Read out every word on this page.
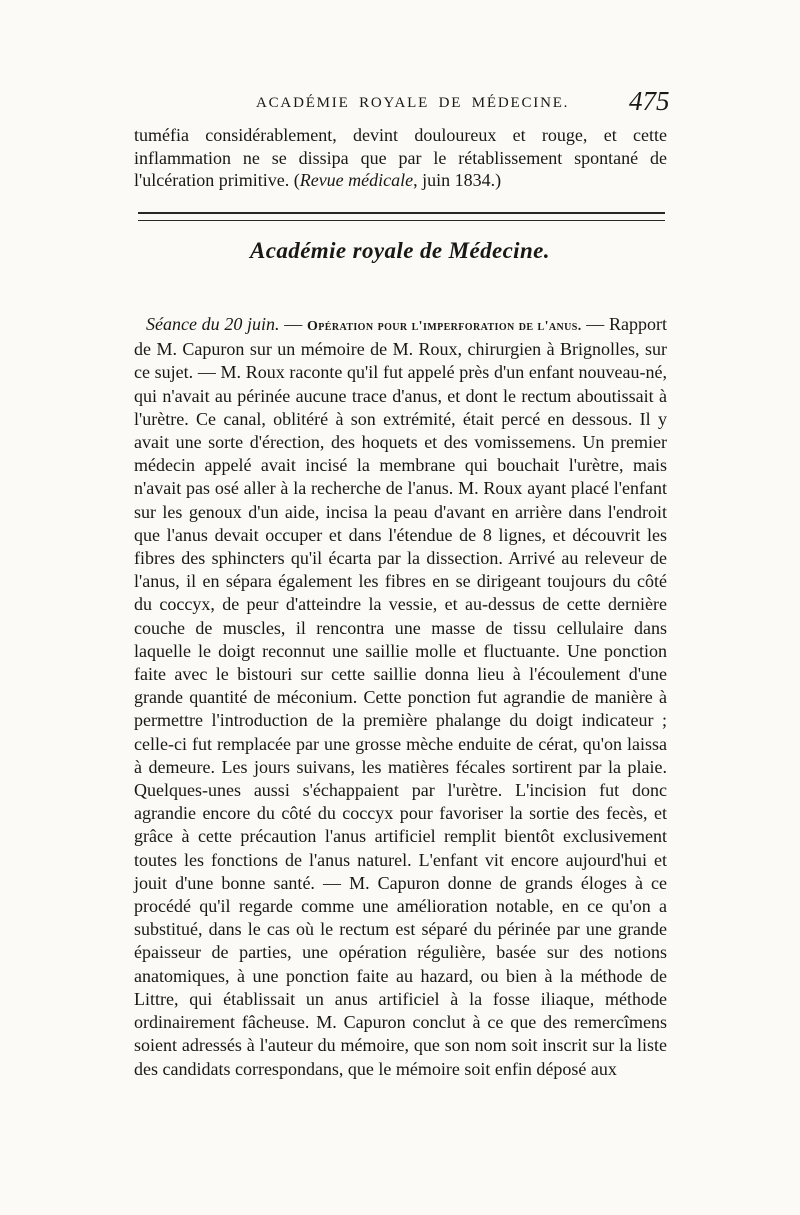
ACADÉMIE ROYALE DE MÉDECINE. 475

tuméfia considérablement, devint douloureux et rouge, et cette inflammation ne se dissipa que par le rétablissement spontané de l'ulcération primitive. (Revue médicale, juin 1834.)

Académie royale de Médecine.

Séance du 20 juin. — Opération pour l'imperforation de l'anus. — Rapport de M. Capuron sur un mémoire de M. Roux, chirurgien à Brignolles, sur ce sujet. — M. Roux raconte qu'il fut appelé près d'un enfant nouveau-né, qui n'avait au périnée aucune trace d'anus, et dont le rectum aboutissait à l'urètre. Ce canal, oblitéré à son extrémité, était percé en dessous. Il y avait une sorte d'érection, des hoquets et des vomissemens. Un premier médecin appelé avait incisé la membrane qui bouchait l'urètre, mais n'avait pas osé aller à la recherche de l'anus. M. Roux ayant placé l'enfant sur les genoux d'un aide, incisa la peau d'avant en arrière dans l'endroit que l'anus devait occuper et dans l'étendue de 8 lignes, et découvrit les fibres des sphincters qu'il écarta par la dissection. Arrivé au releveur de l'anus, il en sépara également les fibres en se dirigeant toujours du côté du coccyx, de peur d'atteindre la vessie, et au-dessus de cette dernière couche de muscles, il rencontra une masse de tissu cellulaire dans laquelle le doigt reconnut une saillie molle et fluctuante. Une ponction faite avec le bistouri sur cette saillie donna lieu à l'écoulement d'une grande quantité de méconium. Cette ponction fut agrandie de manière à permettre l'introduction de la première phalange du doigt indicateur ; celle-ci fut remplacée par une grosse mèche enduite de cérat, qu'on laissa à demeure. Les jours suivans, les matières fécales sortirent par la plaie. Quelques-unes aussi s'échappaient par l'urètre. L'incision fut donc agrandie encore du côté du coccyx pour favoriser la sortie des fecès, et grâce à cette précaution l'anus artificiel remplit bientôt exclusivement toutes les fonctions de l'anus naturel. L'enfant vit encore aujourd'hui et jouit d'une bonne santé. — M. Capuron donne de grands éloges à ce procédé qu'il regarde comme une amélioration notable, en ce qu'on a substitué, dans le cas où le rectum est séparé du périnée par une grande épaisseur de parties, une opération régulière, basée sur des notions anatomiques, à une ponction faite au hazard, ou bien à la méthode de Littre, qui établissait un anus artificiel à la fosse iliaque, méthode ordinairement fâcheuse. M. Capuron conclut à ce que des remercîmens soient adressés à l'auteur du mémoire, que son nom soit inscrit sur la liste des candidats correspondans, que le mémoire soit enfin déposé aux
